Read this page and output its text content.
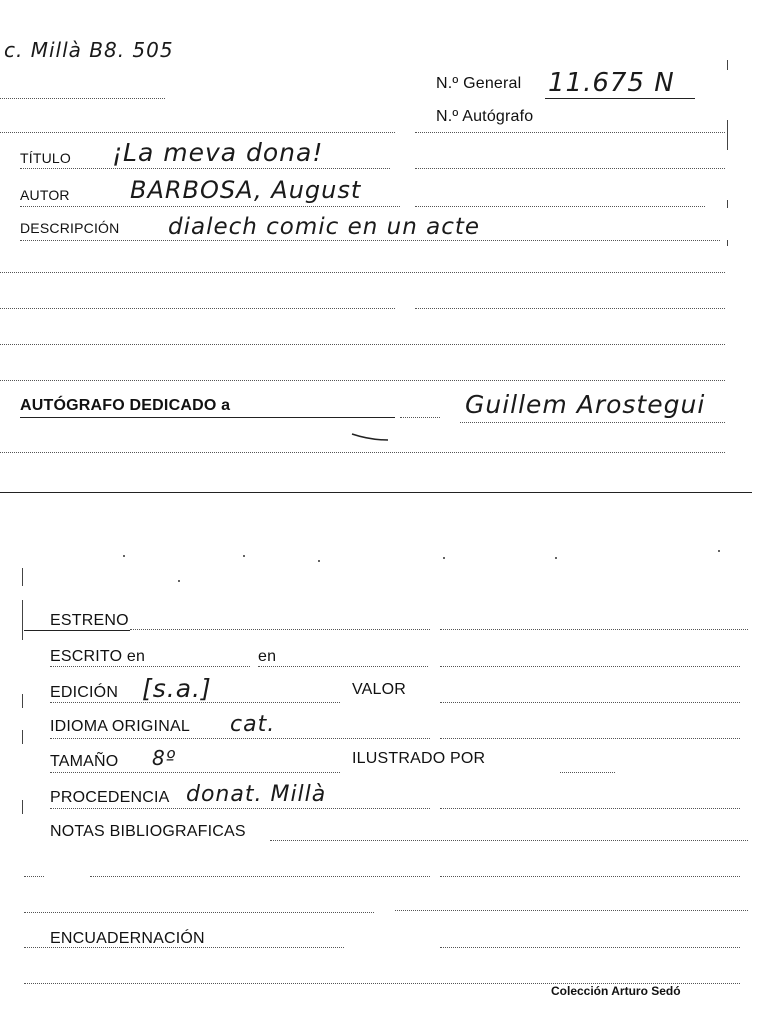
c. Millà B8. 505
N.º General 11.675 N
N.º Autógrafo
TÍTULO ¡La meva dona!
AUTOR	BARBOSA, August
DESCRIPCIÓN dialech comic en un acte
AUTÓGRAFO DEDICADO a	Guillem Arostegui
ESTRENO
ESCRITO en	en
EDICIÓN [s.a.]	VALOR
IDIOMA ORIGINAL cat.
TAMAÑO 8º	ILUSTRADO POR
PROCEDENCIA donat. Millà
NOTAS BIBLIOGRAFICAS
ENCUADERNACIÓN
Colección Arturo Sedó
